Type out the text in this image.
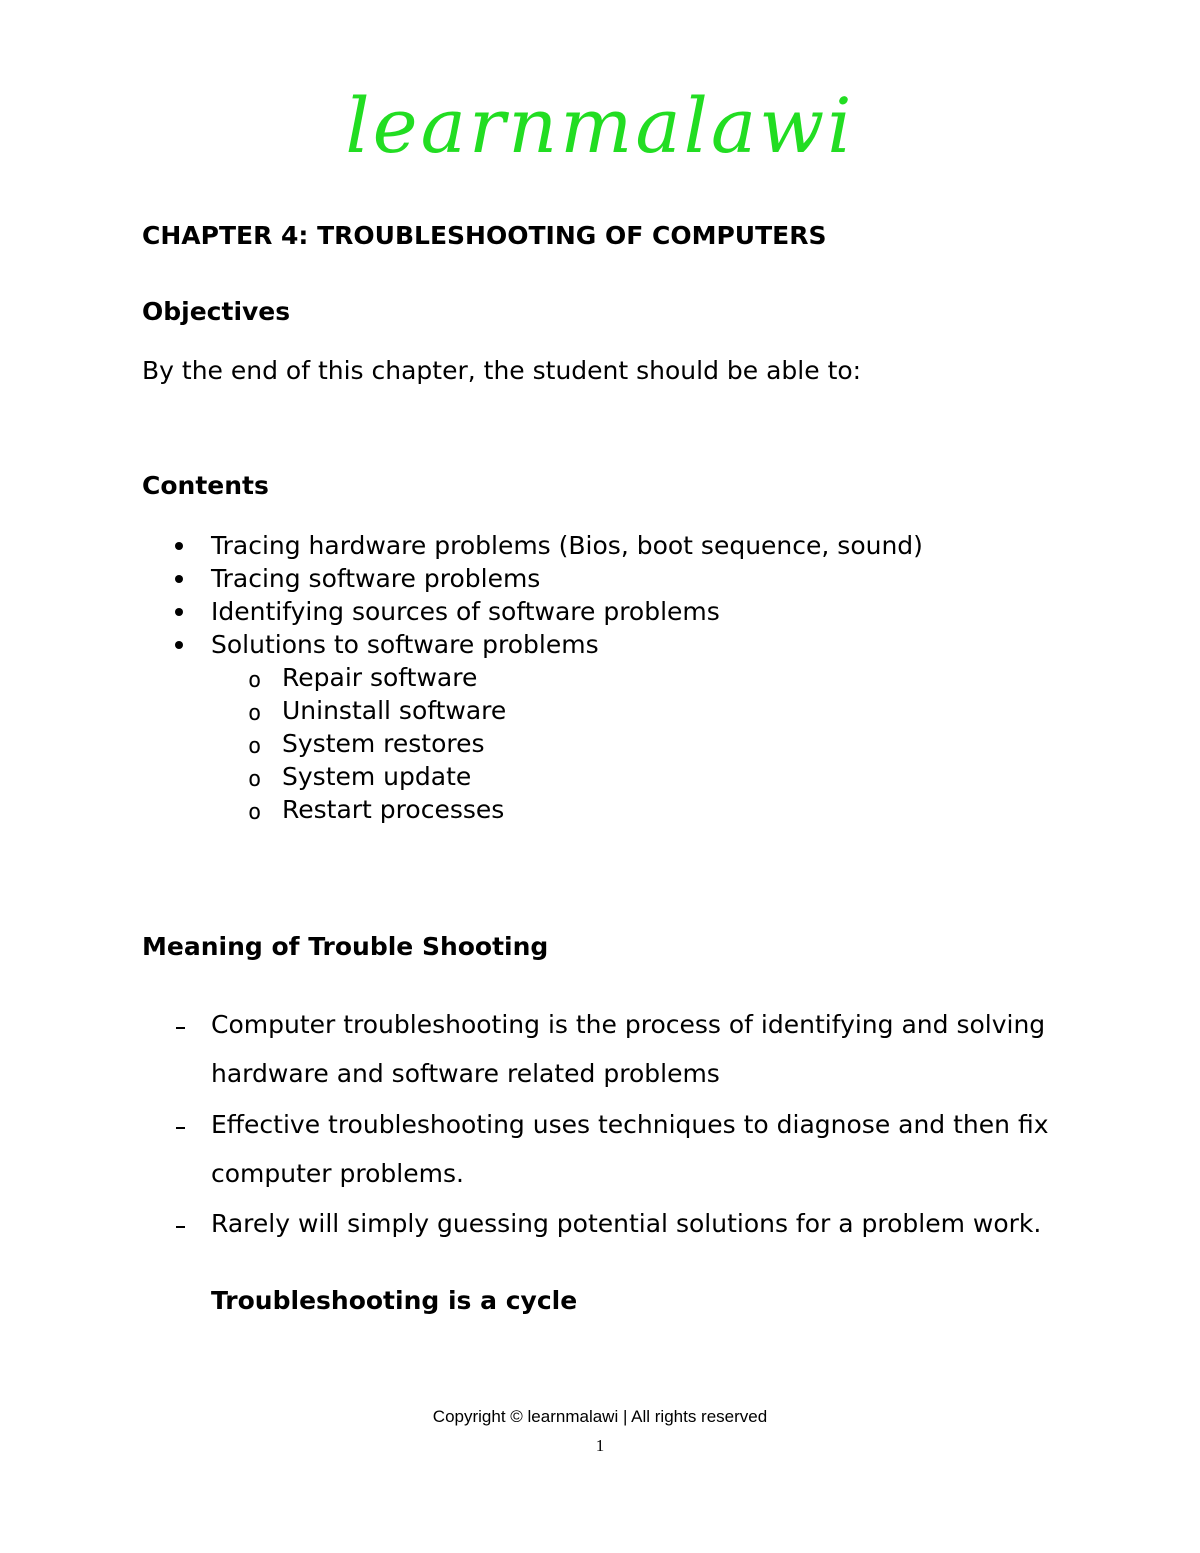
learnmalawi
CHAPTER 4: TROUBLESHOOTING OF COMPUTERS
Objectives
By the end of this chapter, the student should be able to:
Contents
Tracing hardware problems (Bios, boot sequence, sound)
Tracing software problems
Identifying sources of software problems
Solutions to software problems
o Repair software
o Uninstall software
o System restores
o System update
o Restart processes
Meaning of Trouble Shooting
Computer troubleshooting is the process of identifying and solving
hardware and software related problems
Effective troubleshooting uses techniques to diagnose and then fix
computer problems.
Rarely will simply guessing potential solutions for a problem work.
Troubleshooting is a cycle
Copyright © learnmalawi | All rights reserved
1
